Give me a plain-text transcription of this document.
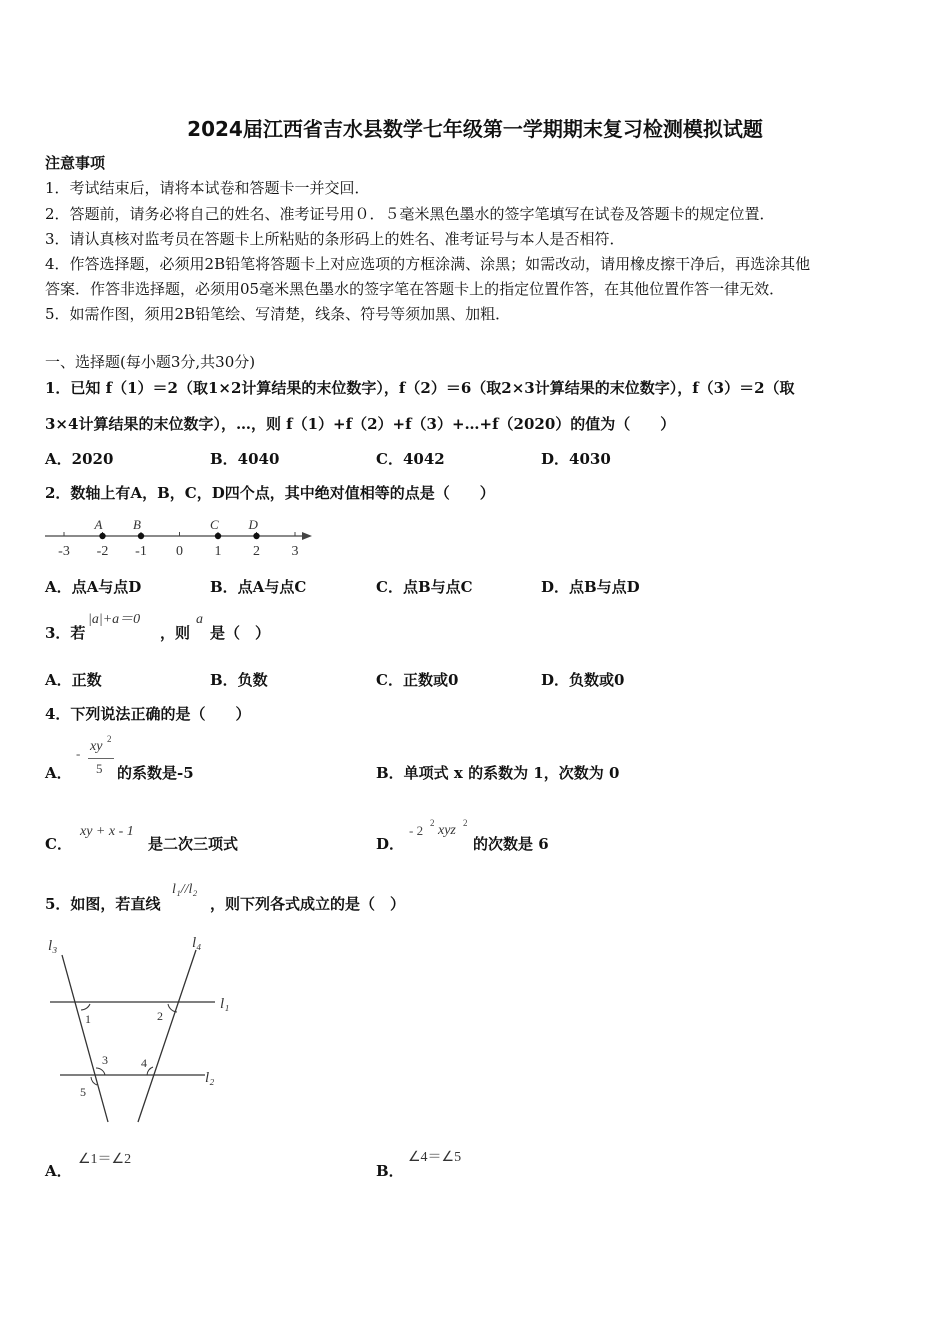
2024届江西省吉水县数学七年级第一学期期末复习检测模拟试题
注意事项
1．考试结束后，请将本试卷和答题卡一并交回．
2．答题前，请务必将自己的姓名、准考证号用０．５毫米黑色墨水的签字笔填写在试卷及答题卡的规定位置．
3．请认真核对监考员在答题卡上所粘贴的条形码上的姓名、准考证号与本人是否相符．
4．作答选择题，必须用2B铅笔将答题卡上对应选项的方框涂满、涂黑；如需改动，请用橡皮擦干净后，再选涂其他
答案．作答非选择题，必须用05毫米黑色墨水的签字笔在答题卡上的指定位置作答，在其他位置作答一律无效．
5．如需作图，须用2B铅笔绘、写清楚，线条、符号等须加黑、加粗．
一、选择题(每小题3分,共30分)
1．已知 f（1）＝2（取1×2计算结果的末位数字），f（2）＝6（取2×3计算结果的末位数字），f（3）＝2（取
3×4计算结果的末位数字），…，则 f（1）+f（2）+f（3）+…+f（2020）的值为（　　）
A．2020	B．4040	C．4042	D．4030
2．数轴上有A，B，C，D四个点，其中绝对值相等的点是（　　）
-3 -2 -1 0 1 2 3
A B	C D
A．点A与点D	B．点A与点C	C．点B与点C	D．点B与点D
3．若
|a|+a＝0
，则
a
是（　）
A．正数	B．负数	C．正数或0	D．负数或0
4．下列说法正确的是（　　）
A．
- xy 2
5 的系数是-5	B．单项式 x 的系数为 1，次数为 0
C．
xy + x - 1
是二次三项式	D．
- 2 2 xyz 2
的次数是 6
5．如图，若直线
l₁//l₂
，则下列各式成立的是（　）
l₃	l₄
l₁
l₂
1	2
3	4
5
A．
∠1＝∠2
B．
∠4＝∠5
